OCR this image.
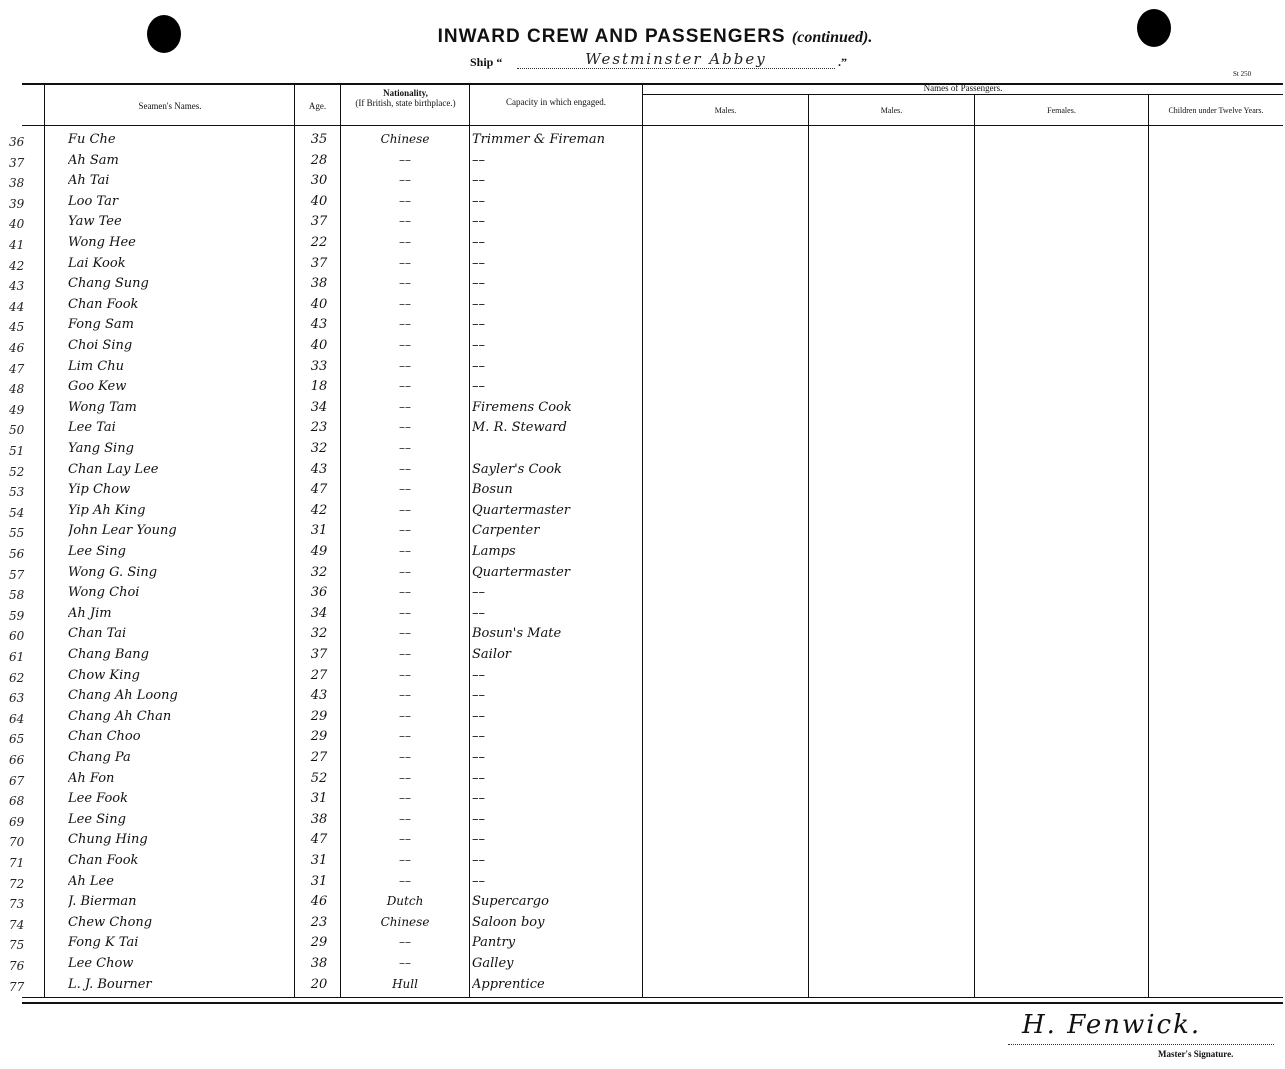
INWARD CREW AND PASSENGERS (continued).
Ship “	Westminster Abbey	.”
St 250
Seamen's Names.	Age.
Nationality,
(If British, state birthplace.)	Capacity in which engaged.
Names of Passengers.
Males.	Males.	Females.	Children under Twelve Years.
36	Fu Che	35	Chinese	Trimmer & Fireman
37	Ah Sam	28	––	––
38	Ah Tai	30	––	––
39	Loo Tar	40	––	––
40	Yaw Tee	37	––	––
41	Wong Hee	22	––	––
42	Lai Kook	37	––	––
43	Chang Sung	38	––	––
44	Chan Fook	40	––	––
45	Fong Sam	43	––	––
46	Choi Sing	40	––	––
47	Lim Chu	33	––	––
48	Goo Kew	18	––	––
49	Wong Tam	34	––	Firemens Cook
50	Lee Tai	23	––	M. R. Steward
51	Yang Sing	32	––
52	Chan Lay Lee	43	––	Sayler's Cook
53	Yip Chow	47	––	Bosun
54	Yip Ah King	42	––	Quartermaster
55	John Lear Young	31	––	Carpenter
56	Lee Sing	49	––	Lamps
57	Wong G. Sing	32	––	Quartermaster
58	Wong Choi	36	––	––
59	Ah Jim	34	––	––
60	Chan Tai	32	––	Bosun's Mate
61	Chang Bang	37	––	Sailor
62	Chow King	27	––	––
63	Chang Ah Loong	43	––	––
64	Chang Ah Chan	29	––	––
65	Chan Choo	29	––	––
66	Chang Pa	27	––	––
67	Ah Fon	52	––	––
68	Lee Fook	31	––	––
69	Lee Sing	38	––	––
70	Chung Hing	47	––	––
71	Chan Fook	31	––	––
72	Ah Lee	31	––	––
73	J. Bierman	46	Dutch	Supercargo
74	Chew Chong	23	Chinese	Saloon boy
75	Fong K Tai	29	––	Pantry
76	Lee Chow	38	––	Galley
77	L. J. Bourner	20	Hull	Apprentice
H. Fenwick.
Master's Signature.
